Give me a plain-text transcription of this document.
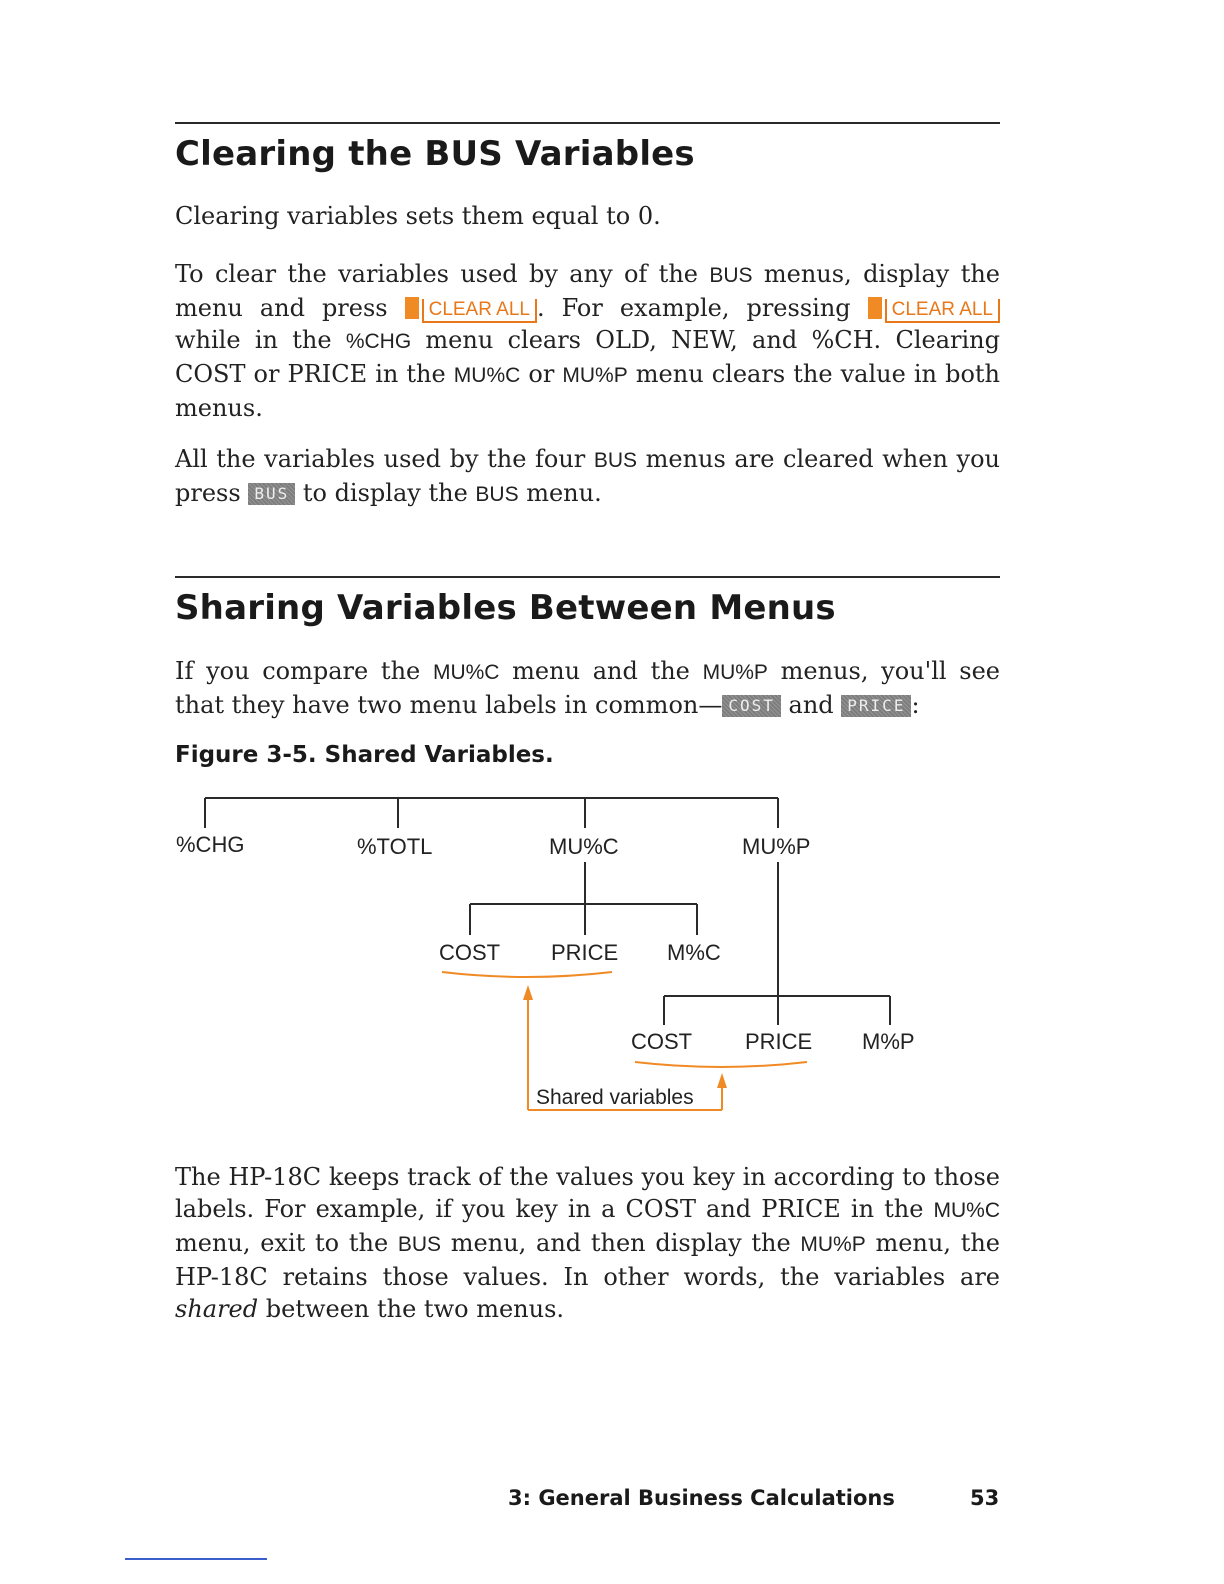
Clearing the BUS Variables

Clearing variables sets them equal to 0.

To clear the variables used by any of the BUS menus, display the menu and press CLEAR ALL . For example, pressing CLEAR ALL while in the %CHG menu clears OLD, NEW, and %CH. Clearing COST or PRICE in the MU%C or MU%P menu clears the value in both menus.

All the variables used by the four BUS menus are cleared when you press BUS to display the BUS menu.

Sharing Variables Between Menus

If you compare the MU%C menu and the MU%P menus, you'll see that they have two menu labels in common— COST and PRICE :

Figure 3-5. Shared Variables.

%CHG	%TOTL	MU%C	MU%P
COST PRICE M%C
COST PRICE M%P
Shared variables

The HP-18C keeps track of the values you key in according to those labels. For example, if you key in a COST and PRICE in the MU%C menu, exit to the BUS menu, and then display the MU%P menu, the HP-18C retains those values. In other words, the variables are shared between the two menus.

3: General Business Calculations	53
